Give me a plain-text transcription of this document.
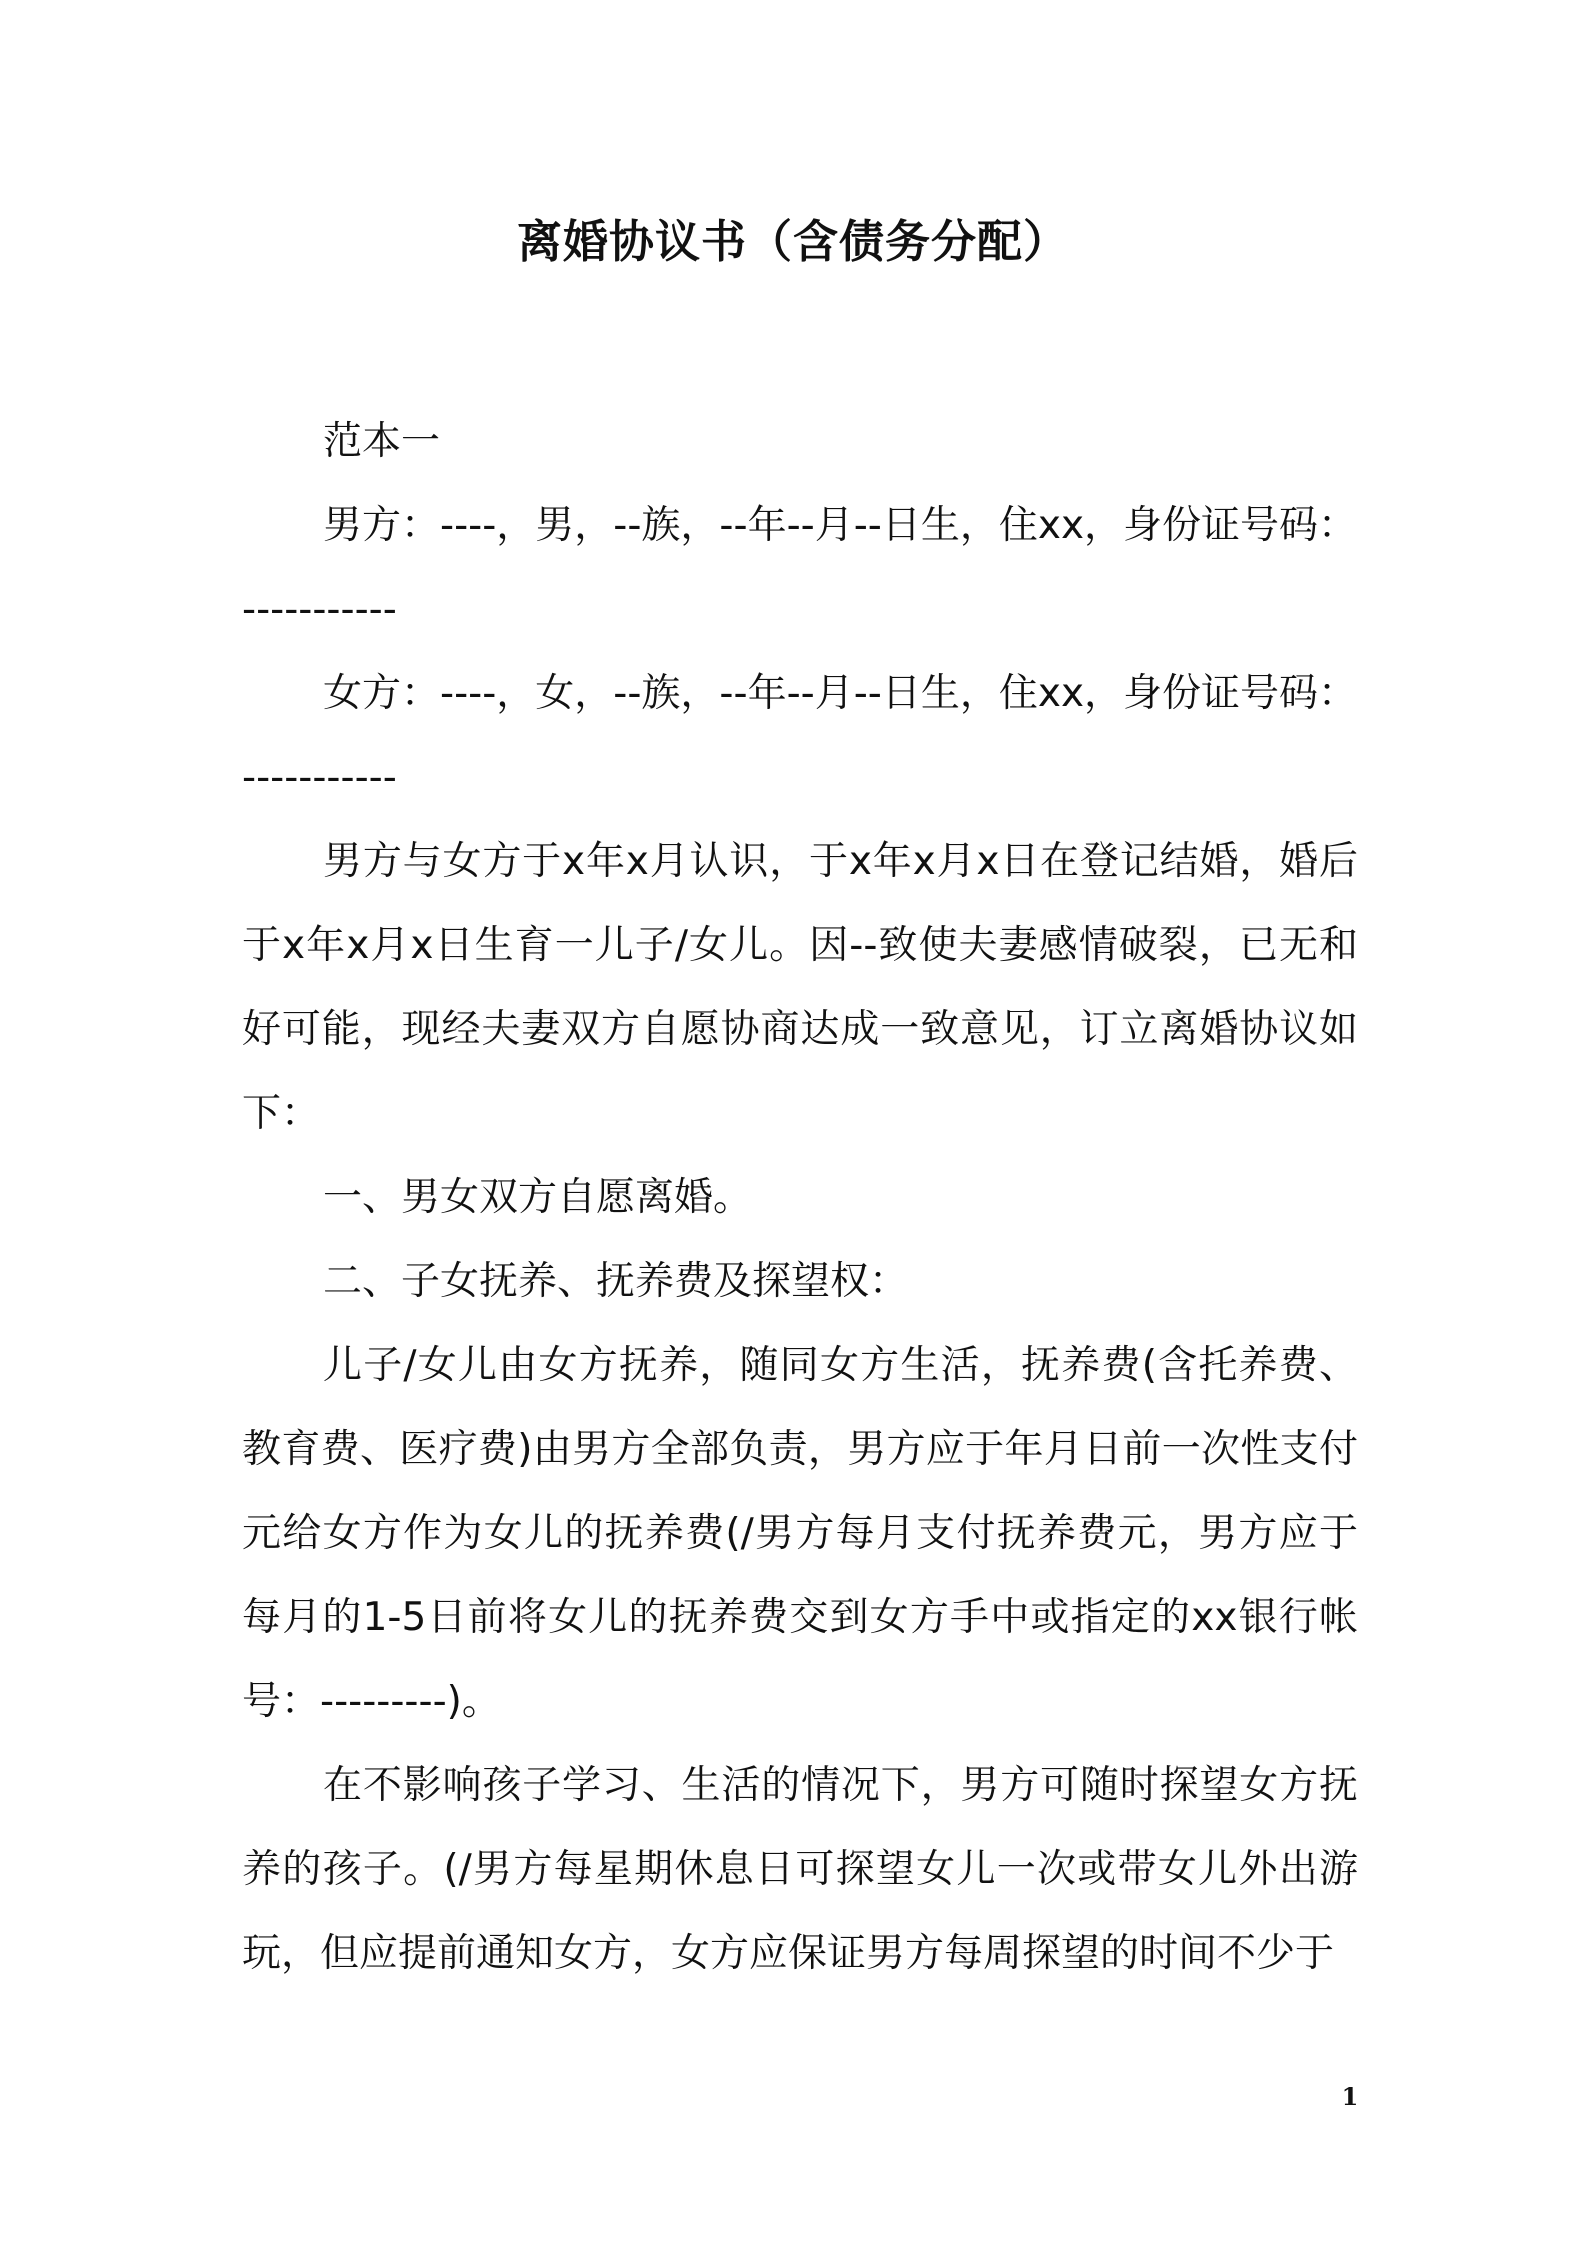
离婚协议书（含债务分配）

范本一

男方：----，男，--族，--年--月--日生，住xx，身份证号码：

-----------

女方：----，女，--族，--年--月--日生，住xx，身份证号码：

-----------

男方与女方于x年x月认识，于x年x月x日在登记结婚，婚后于x年x月x日生育一儿子/女儿。因--致使夫妻感情破裂，已无和好可能，现经夫妻双方自愿协商达成一致意见，订立离婚协议如下：

一、男女双方自愿离婚。

二、子女抚养、抚养费及探望权：

儿子/女儿由女方抚养，随同女方生活，抚养费(含托养费、教育费、医疗费)由男方全部负责，男方应于年月日前一次性支付元给女方作为女儿的抚养费(/男方每月支付抚养费元，男方应于每月的1-5日前将女儿的抚养费交到女方手中或指定的xx银行帐号：---------)。

在不影响孩子学习、生活的情况下，男方可随时探望女方抚养的孩子。(/男方每星期休息日可探望女儿一次或带女儿外出游玩，但应提前通知女方，女方应保证男方每周探望的时间不少于

1
